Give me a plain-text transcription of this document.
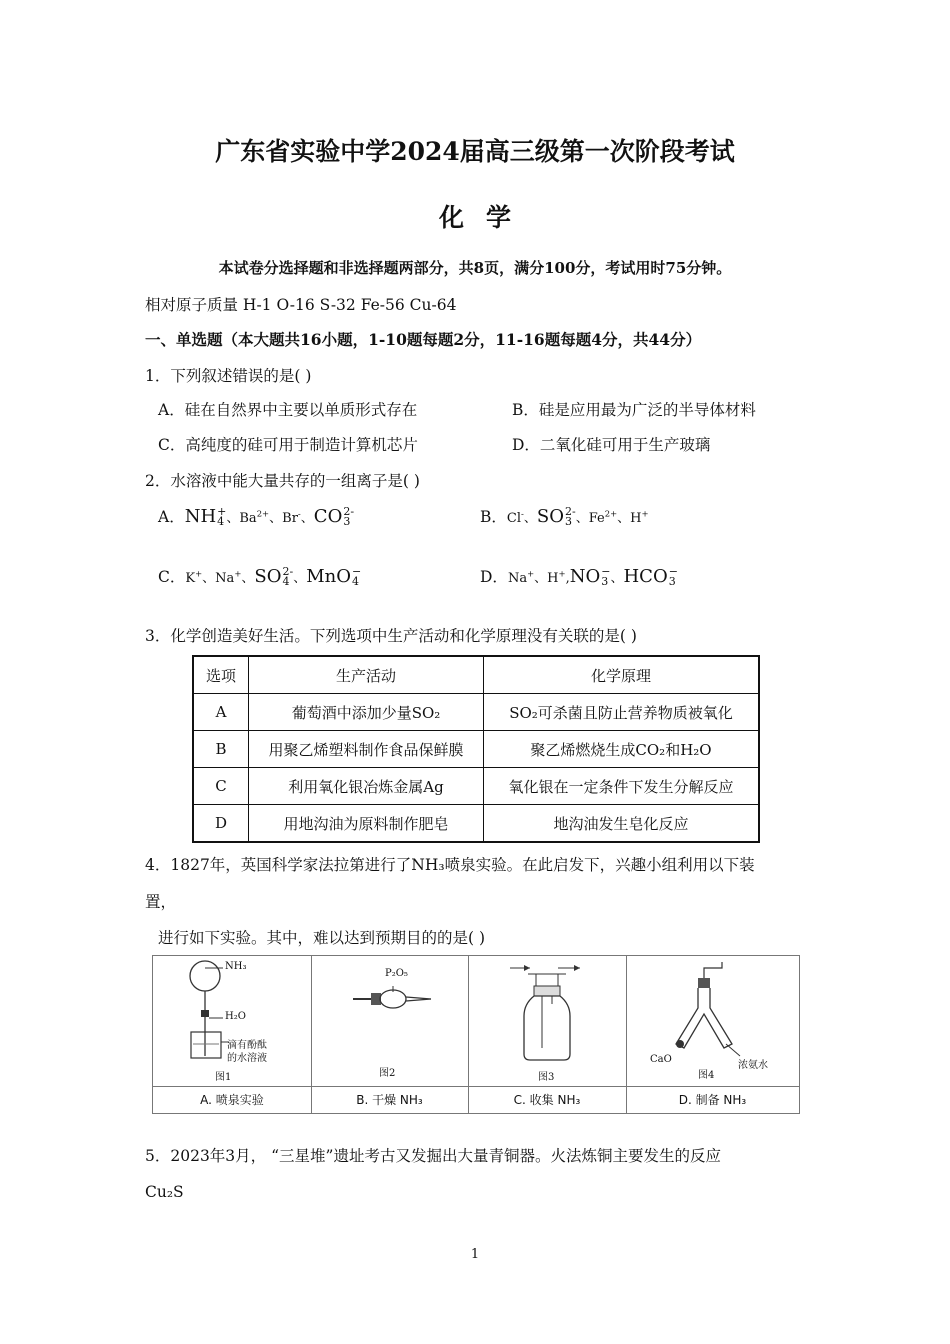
广东省实验中学2024届高三级第一次阶段考试
化学
本试卷分选择题和非选择题两部分，共8页，满分100分，考试用时75分钟。
相对原子质量 H-1 O-16 S-32 Fe-56 Cu-64
一、单选题（本大题共16小题，1-10题每题2分，11-16题每题4分，共44分）
1．下列叙述错误的是( )
A．硅在自然界中主要以单质形式存在	B．硅是应用最为广泛的半导体材料
C．高纯度的硅可用于制造计算机芯片	D．二氧化硅可用于生产玻璃
2．水溶液中能大量共存的一组离子是( )
A．NH +
4 、$Ba^{2+}$、Br-、CO 2-
3	B．Cl-、SO 2-
3 、$Fe^{2+}$、H+
C．K+、Na+、SO 2-
4 、MnO −
4	D．Na+、H+,NO −
3 、HCO −
3
3．化学创造美好生活。下列选项中生产活动和化学原理没有关联的是( )
选项	生产活动	化学原理
A	葡萄酒中添加少量SO₂	SO₂可杀菌且防止营养物质被氧化
B	用聚乙烯塑料制作食品保鲜膜	聚乙烯燃烧生成CO₂和H₂O
C	利用氧化银冶炼金属Ag	氧化银在一定条件下发生分解反应
D	用地沟油为原料制作肥皂	地沟油发生皂化反应
4．1827年，英国科学家法拉第进行了NH₃喷泉实验。在此启发下，兴趣小组利用以下装
置，
进行如下实验。其中，难以达到预期目的的是( )
NH₃
H₂O
滴有酚酞
的水溶液
图1
A. 喷泉实验
P₂O₅
图2
B. 干燥 NH₃
图3
C. 收集 NH₃
CaO
浓氨水
图4
D. 制备 NH₃
5．2023年3月， “三星堆”遗址考古又发掘出大量青铜器。火法炼铜主要发生的反应
Cu₂S
1
